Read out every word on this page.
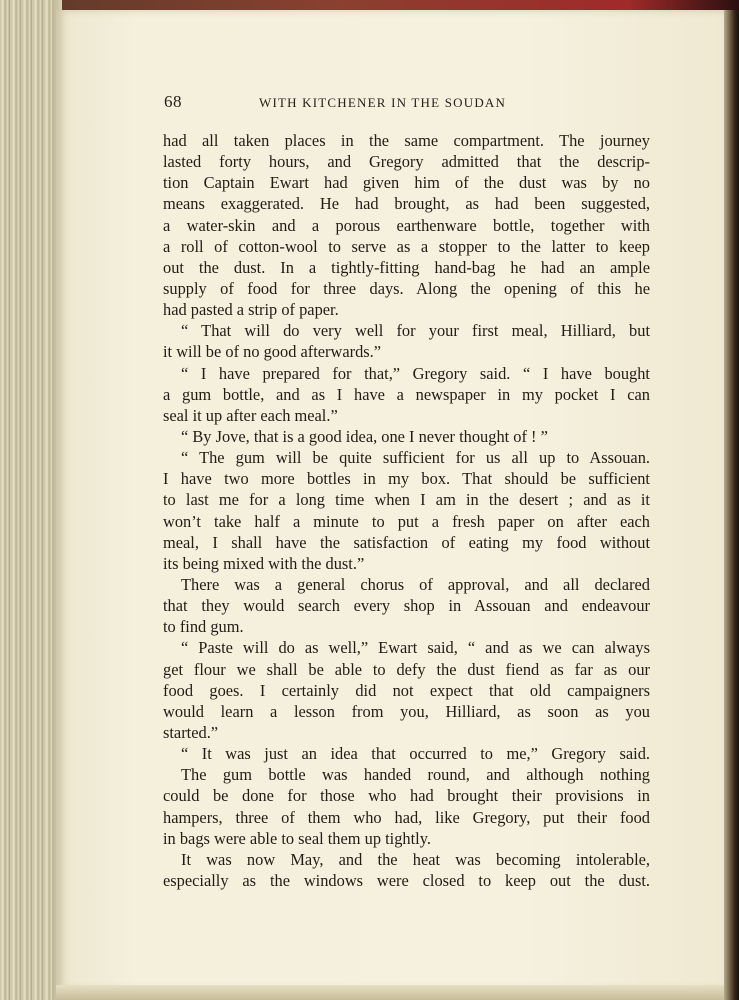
68	WITH KITCHENER IN THE SOUDAN
had all taken places in the same compartment. The journey
lasted forty hours, and Gregory admitted that the descrip-
tion Captain Ewart had given him of the dust was by no
means exaggerated. He had brought, as had been suggested,
a water-skin and a porous earthenware bottle, together with
a roll of cotton-wool to serve as a stopper to the latter to keep
out the dust. In a tightly-fitting hand-bag he had an ample
supply of food for three days. Along the opening of this he
had pasted a strip of paper.
“ That will do very well for your first meal, Hilliard, but
it will be of no good afterwards.”
“ I have prepared for that,” Gregory said. “ I have bought
a gum bottle, and as I have a newspaper in my pocket I can
seal it up after each meal.”
“ By Jove, that is a good idea, one I never thought of ! ”
“ The gum will be quite sufficient for us all up to Assouan.
I have two more bottles in my box. That should be sufficient
to last me for a long time when I am in the desert ; and as it
won’t take half a minute to put a fresh paper on after each
meal, I shall have the satisfaction of eating my food without
its being mixed with the dust.”
There was a general chorus of approval, and all declared
that they would search every shop in Assouan and endeavour
to find gum.
“ Paste will do as well,” Ewart said, “ and as we can always
get flour we shall be able to defy the dust fiend as far as our
food goes. I certainly did not expect that old campaigners
would learn a lesson from you, Hilliard, as soon as you
started.”
“ It was just an idea that occurred to me,” Gregory said.
The gum bottle was handed round, and although nothing
could be done for those who had brought their provisions in
hampers, three of them who had, like Gregory, put their food
in bags were able to seal them up tightly.
It was now May, and the heat was becoming intolerable,
especially as the windows were closed to keep out the dust.
